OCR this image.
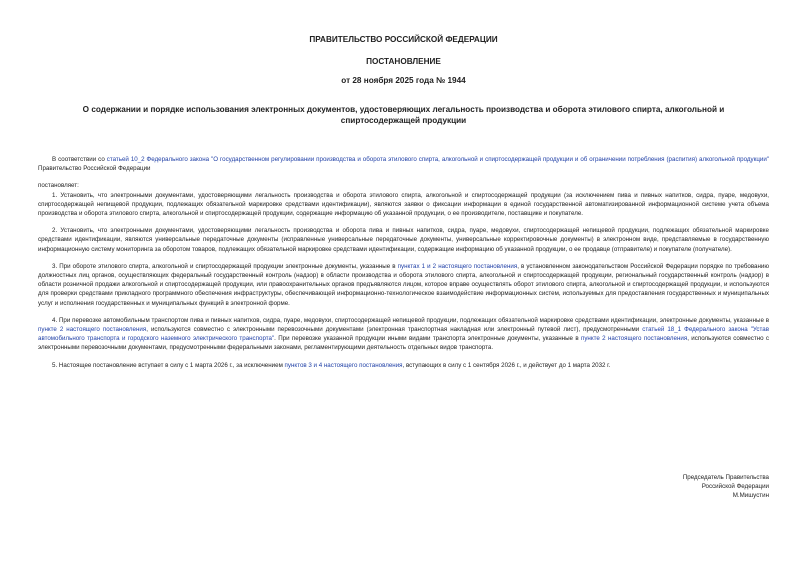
ПРАВИТЕЛЬСТВО РОССИЙСКОЙ ФЕДЕРАЦИИ
ПОСТАНОВЛЕНИЕ
от 28 ноября 2025 года № 1944
О содержании и порядке использования электронных документов, удостоверяющих легальность производства и оборота этилового спирта, алкогольной и спиртосодержащей продукции

В соответствии со статьей 10_2 Федерального закона "О государственном регулировании производства и оборота этилового спирта, алкогольной и спиртосодержащей продукции и об ограничении потребления (распития) алкогольной продукции" Правительство Российской Федерации

постановляет:

1. Установить, что электронными документами, удостоверяющими легальность производства и оборота этилового спирта, алкогольной и спиртосодержащей продукции (за исключением пива и пивных напитков, сидра, пуаре, медовухи, спиртосодержащей непищевой продукции, подлежащих обязательной маркировке средствами идентификации), являются заявки о фиксации информации в единой государственной автоматизированной информационной системе учета объема производства и оборота этилового спирта, алкогольной и спиртосодержащей продукции, содержащие информацию об указанной продукции, о ее производителе, поставщике и покупателе.

2. Установить, что электронными документами, удостоверяющими легальность производства и оборота пива и пивных напитков, сидра, пуаре, медовухи, спиртосодержащей непищевой продукции, подлежащих обязательной маркировке средствами идентификации, являются универсальные передаточные документы (исправленные универсальные передаточные документы, универсальные корректировочные документы) в электронном виде, представляемые в государственную информационную систему мониторинга за оборотом товаров, подлежащих обязательной маркировке средствами идентификации, содержащие информацию об указанной продукции, о ее продавце (отправителе) и покупателе (получателе).

3. При обороте этилового спирта, алкогольной и спиртосодержащей продукции электронные документы, указанные в пунктах 1 и 2 настоящего постановления, в установленном законодательством Российской Федерации порядке по требованию должностных лиц органов, осуществляющих федеральный государственный контроль (надзор) в области производства и оборота этилового спирта, алкогольной и спиртосодержащей продукции, региональный государственный контроль (надзор) в области розничной продажи алкогольной и спиртосодержащей продукции, или правоохранительных органов предъявляются лицом, которое вправе осуществлять оборот этилового спирта, алкогольной и спиртосодержащей продукции, и используются для проверки средствами прикладного программного обеспечения инфраструктуры, обеспечивающей информационно-технологическое взаимодействие информационных систем, используемых для предоставления государственных и муниципальных услуг и исполнения государственных и муниципальных функций в электронной форме.

4. При перевозке автомобильным транспортом пива и пивных напитков, сидра, пуаре, медовухи, спиртосодержащей непищевой продукции, подлежащих обязательной маркировке средствами идентификации, электронные документы, указанные в пункте 2 настоящего постановления, используются совместно с электронными перевозочными документами (электронная транспортная накладная или электронный путевой лист), предусмотренными статьей 18_1 Федерального закона "Устав автомобильного транспорта и городского наземного электрического транспорта". При перевозке указанной продукции иными видами транспорта электронные документы, указанные в пункте 2 настоящего постановления, используются совместно с электронными перевозочными документами, предусмотренными федеральными законами, регламентирующими деятельность отдельных видов транспорта.

5. Настоящее постановление вступает в силу с 1 марта 2026 г., за исключением пунктов 3 и 4 настоящего постановления, вступающих в силу с 1 сентября 2026 г., и действует до 1 марта 2032 г.

Председатель Правительства
Российской Федерации
М.Мишустин
